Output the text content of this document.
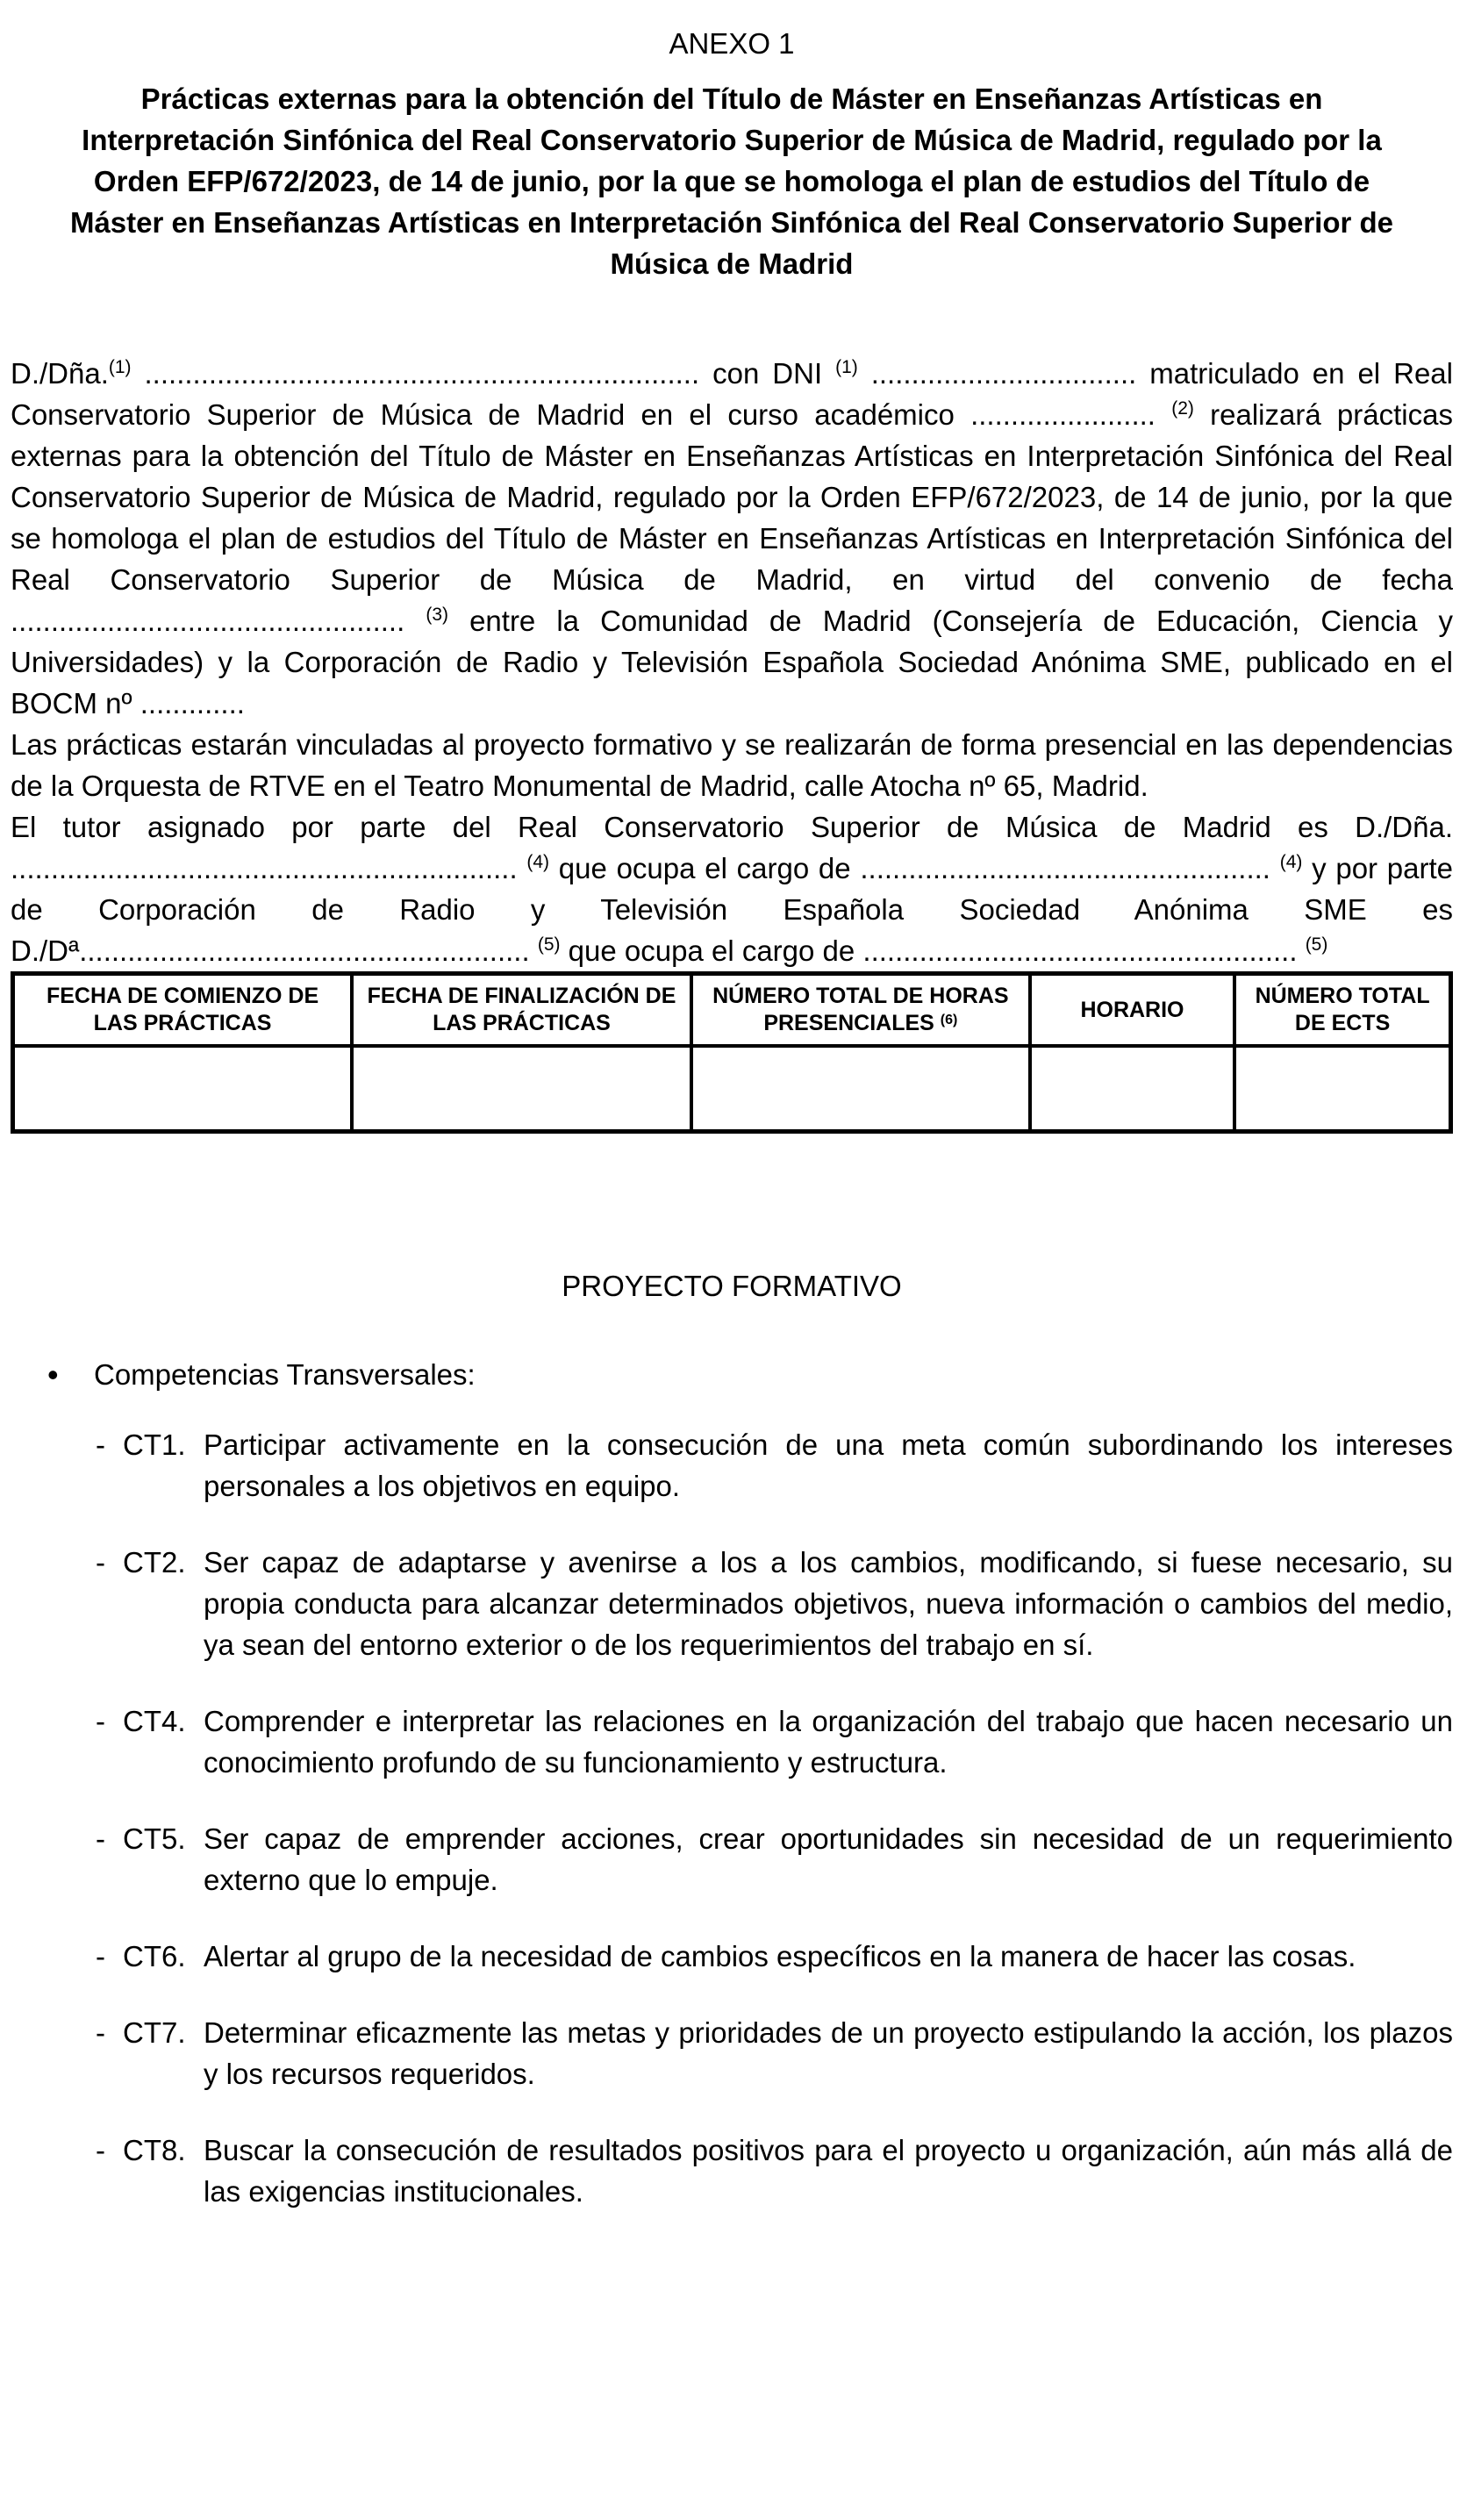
ANEXO 1
Prácticas externas para la obtención del Título de Máster en Enseñanzas Artísticas en Interpretación Sinfónica del Real Conservatorio Superior de Música de Madrid, regulado por la Orden EFP/672/2023, de 14 de junio, por la que se homologa el plan de estudios del Título de Máster en Enseñanzas Artísticas en Interpretación Sinfónica del Real Conservatorio Superior de Música de Madrid

D./Dña.$^{(1)}$ ..................................................................... con DNI $^{(1)}$ ................................. matriculado en el Real Conservatorio Superior de Música de Madrid en el curso académico ....................... $^{(2)}$ realizará prácticas externas para la obtención del Título de Máster en Enseñanzas Artísticas en Interpretación Sinfónica del Real Conservatorio Superior de Música de Madrid, regulado por la Orden EFP/672/2023, de 14 de junio, por la que se homologa el plan de estudios del Título de Máster en Enseñanzas Artísticas en Interpretación Sinfónica del Real Conservatorio Superior de Música de Madrid, en virtud del convenio de fecha ................................................. $^{(3)}$ entre la Comunidad de Madrid (Consejería de Educación, Ciencia y Universidades) y la Corporación de Radio y Televisión Española Sociedad Anónima SME, publicado en el BOCM nº .............

Las prácticas estarán vinculadas al proyecto formativo y se realizarán de forma presencial en las dependencias de la Orquesta de RTVE en el Teatro Monumental de Madrid, calle Atocha nº 65, Madrid.

El tutor asignado por parte del Real Conservatorio Superior de Música de Madrid es D./Dña. ............................................................... $^{(4)}$ que ocupa el cargo de ................................................... $^{(4)}$ y por parte de Corporación de Radio y Televisión Española Sociedad Anónima SME es D./Dª........................................................ $^{(5)}$ que ocupa el cargo de ...................................................... $^{(5)}$

FECHA DE COMIENZO DE LAS PRÁCTICAS	FECHA DE FINALIZACIÓN DE LAS PRÁCTICAS	NÚMERO TOTAL DE HORAS PRESENCIALES $^{(6)}$	HORARIO	NÚMERO TOTAL DE ECTS

PROYECTO FORMATIVO
•	Competencias Transversales:
- CT1. Participar activamente en la consecución de una meta común subordinando los intereses personales a los objetivos en equipo.
- CT2. Ser capaz de adaptarse y avenirse a los a los cambios, modificando, si fuese necesario, su propia conducta para alcanzar determinados objetivos, nueva información o cambios del medio, ya sean del entorno exterior o de los requerimientos del trabajo en sí.
- CT4. Comprender e interpretar las relaciones en la organización del trabajo que hacen necesario un conocimiento profundo de su funcionamiento y estructura.
- CT5. Ser capaz de emprender acciones, crear oportunidades sin necesidad de un requerimiento externo que lo empuje.
- CT6. Alertar al grupo de la necesidad de cambios específicos en la manera de hacer las cosas.
- CT7. Determinar eficazmente las metas y prioridades de un proyecto estipulando la acción, los plazos y los recursos requeridos.
- CT8. Buscar la consecución de resultados positivos para el proyecto u organización, aún más allá de las exigencias institucionales.
